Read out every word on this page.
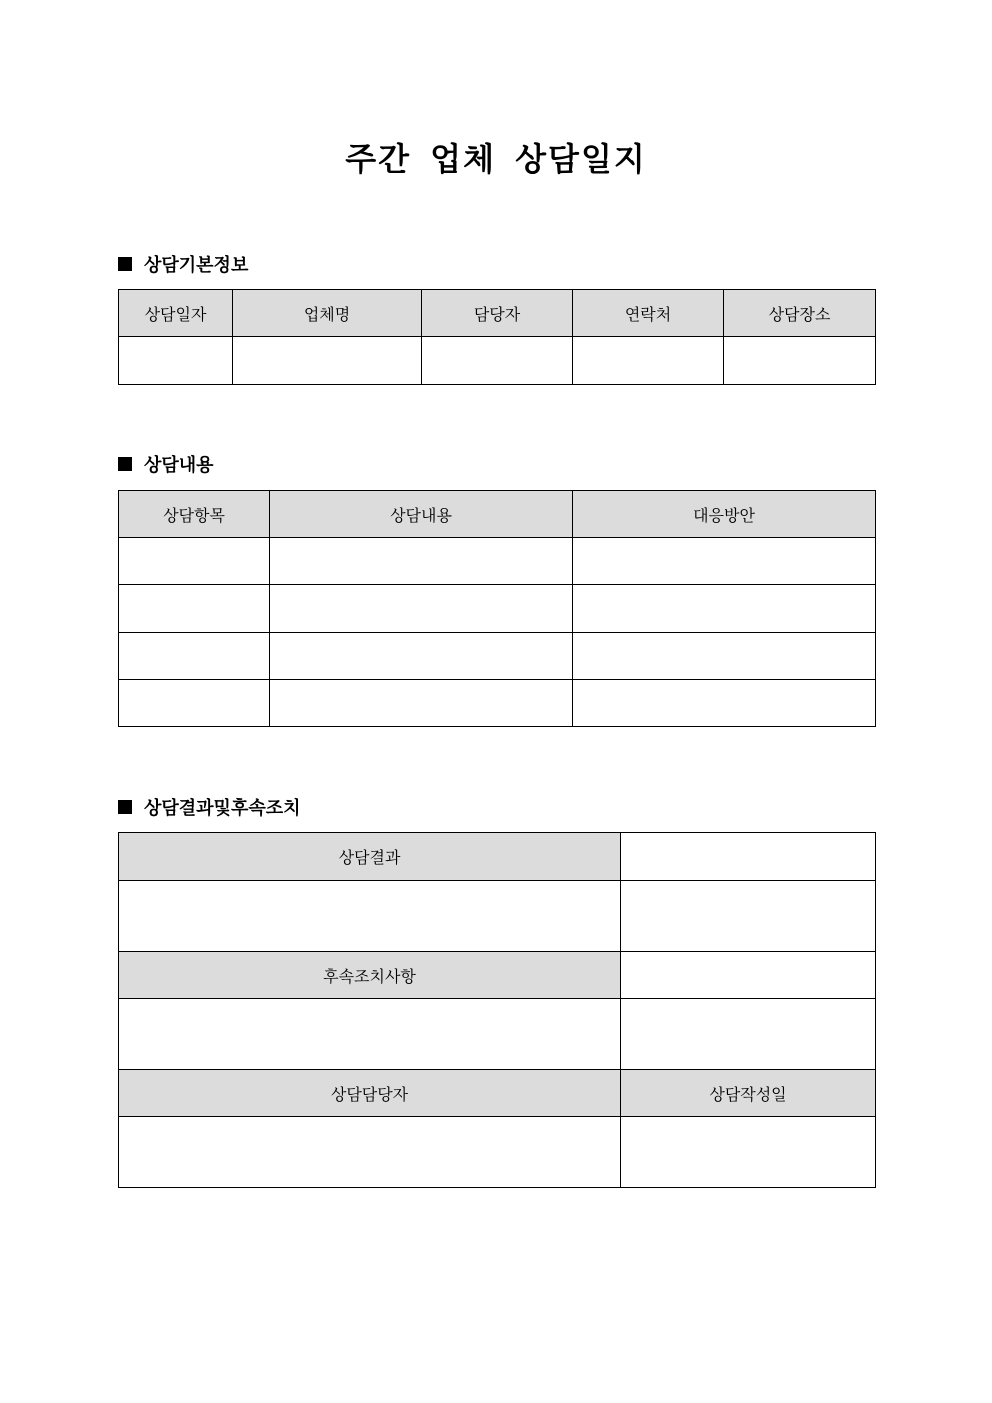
주간 업체 상담일지
상담기본정보
상담일자	업체명	담당자	연락처	상담장소

상담내용
상담항목	상담내용	대응방안

상담결과및후속조치
상담결과	

후속조치사항	

상담담당자	상담작성일
